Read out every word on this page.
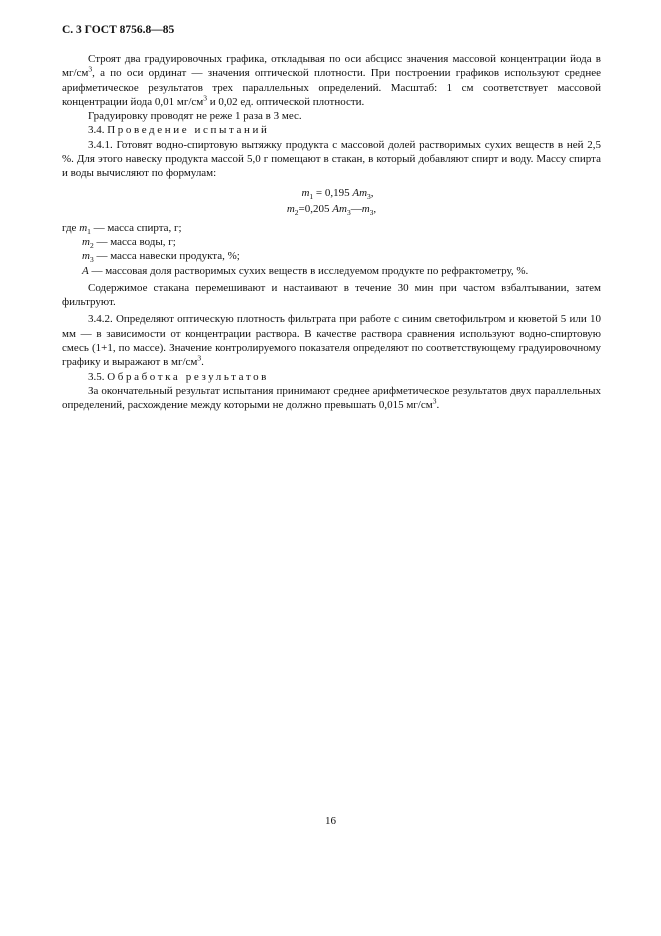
С. 3 ГОСТ 8756.8—85

Строят два градуировочных графика, откладывая по оси абсцисс значения массовой концентрации йода в $мг/см^3$, а по оси ординат — значения оптической плотности. При построении графиков используют среднее арифметическое результатов трех параллельных определений. Масштаб: 1 см соответствует массовой концентрации йода 0,01 $мг/см^3$ и 0,02 ед. оптической плотности.

Градуировку проводят не реже 1 раза в 3 мес.

3.4. Проведение испытаний

3.4.1. Готовят водно-спиртовую вытяжку продукта с массовой долей растворимых сухих веществ в ней 2,5 %. Для этого навеску продукта массой 5,0 г помещают в стакан, в который добавляют спирт и воду. Массу спирта и воды вычисляют по формулам:

$m_1 = 0,195$ $Am_3$,
$m_2=0,205$ $Am_3—m_3$,
где $m_1$ — масса спирта, г;
$m_2$ — масса воды, г;
$m_3$ — масса навески продукта, %;
A — массовая доля растворимых сухих веществ в исследуемом продукте по рефрактометру, %.

Содержимое стакана перемешивают и настаивают в течение 30 мин при частом взбалтывании, затем фильтруют.

3.4.2. Определяют оптическую плотность фильтрата при работе с синим светофильтром и кюветой 5 или 10 мм — в зависимости от концентрации раствора. В качестве раствора сравнения используют водно-спиртовую смесь (1+1, по массе). Значение контролируемого показателя определяют по соответствующему градуировочному графику и выражают в $мг/см^3$.

3.5. Обработка результатов

За окончательный результат испытания принимают среднее арифметическое результатов двух параллельных определений, расхождение между которыми не должно превышать 0,015 $мг/см^3$.

16
